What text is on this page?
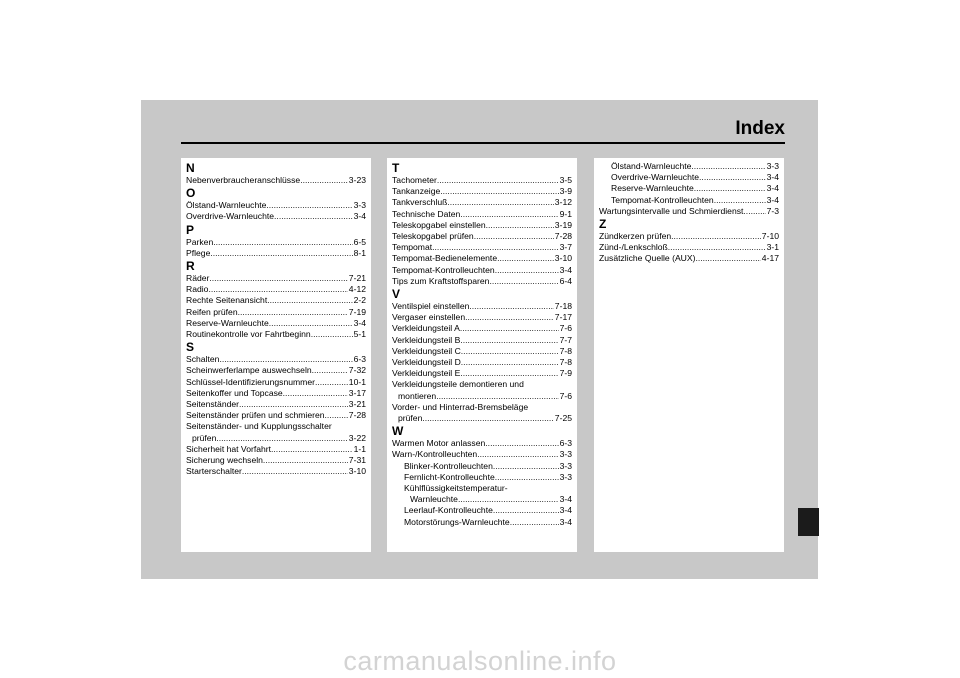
Index
N
Nebenverbraucheranschlüsse .....	3-23
O
Ölstand-Warnleuchte .....	3-3
Overdrive-Warnleuchte .....	3-4
P
Parken .....	6-5
Pflege .....	8-1
R
Räder .....	7-21
Radio .....	4-12
Rechte Seitenansicht .....	2-2
Reifen prüfen .....	7-19
Reserve-Warnleuchte .....	3-4
Routinekontrolle vor Fahrtbeginn .....	5-1
S
Schalten .....	6-3
Scheinwerferlampe auswechseln .....	7-32
Schlüssel-Identifizierungsnummer .....	10-1
Seitenkoffer und Topcase .....	3-17
Seitenständer .....	3-21
Seitenständer prüfen und schmieren .....	7-28
Seitenständer- und Kupplungsschalter
prüfen .....	3-22
Sicherheit hat Vorfahrt .....	1-1
Sicherung wechseln .....	7-31
Starterschalter .....	3-10
T
Tachometer .....	3-5
Tankanzeige .....	3-9
Tankverschluß .....	3-12
Technische Daten .....	9-1
Teleskopgabel einstellen .....	3-19
Teleskopgabel prüfen .....	7-28
Tempomat .....	3-7
Tempomat-Bedienelemente .....	3-10
Tempomat-Kontrolleuchten .....	3-4
Tips zum Kraftstoffsparen .....	6-4
V
Ventilspiel einstellen .....	7-18
Vergaser einstellen .....	7-17
Verkleidungsteil A .....	7-6
Verkleidungsteil B .....	7-7
Verkleidungsteil C .....	7-8
Verkleidungsteil D .....	7-8
Verkleidungsteil E .....	7-9
Verkleidungsteile demontieren und
montieren .....	7-6
Vorder- und Hinterrad-Bremsbeläge
prüfen .....	7-25
W
Warmen Motor anlassen .....	6-3
Warn-/Kontrolleuchten .....	3-3
Blinker-Kontrolleuchten .....	3-3
Fernlicht-Kontrolleuchte .....	3-3
Kühlflüssigkeitstemperatur-
Warnleuchte .....	3-4
Leerlauf-Kontrolleuchte .....	3-4
Motorstörungs-Warnleuchte .....	3-4
Ölstand-Warnleuchte .....	3-3
Overdrive-Warnleuchte .....	3-4
Reserve-Warnleuchte .....	3-4
Tempomat-Kontrolleuchten .....	3-4
Wartungsintervalle und Schmierdienst .....	7-3
Z
Zündkerzen prüfen .....	7-10
Zünd-/Lenkschloß .....	3-1
Zusätzliche Quelle (AUX) .....	4-17
carmanualsonline.info
